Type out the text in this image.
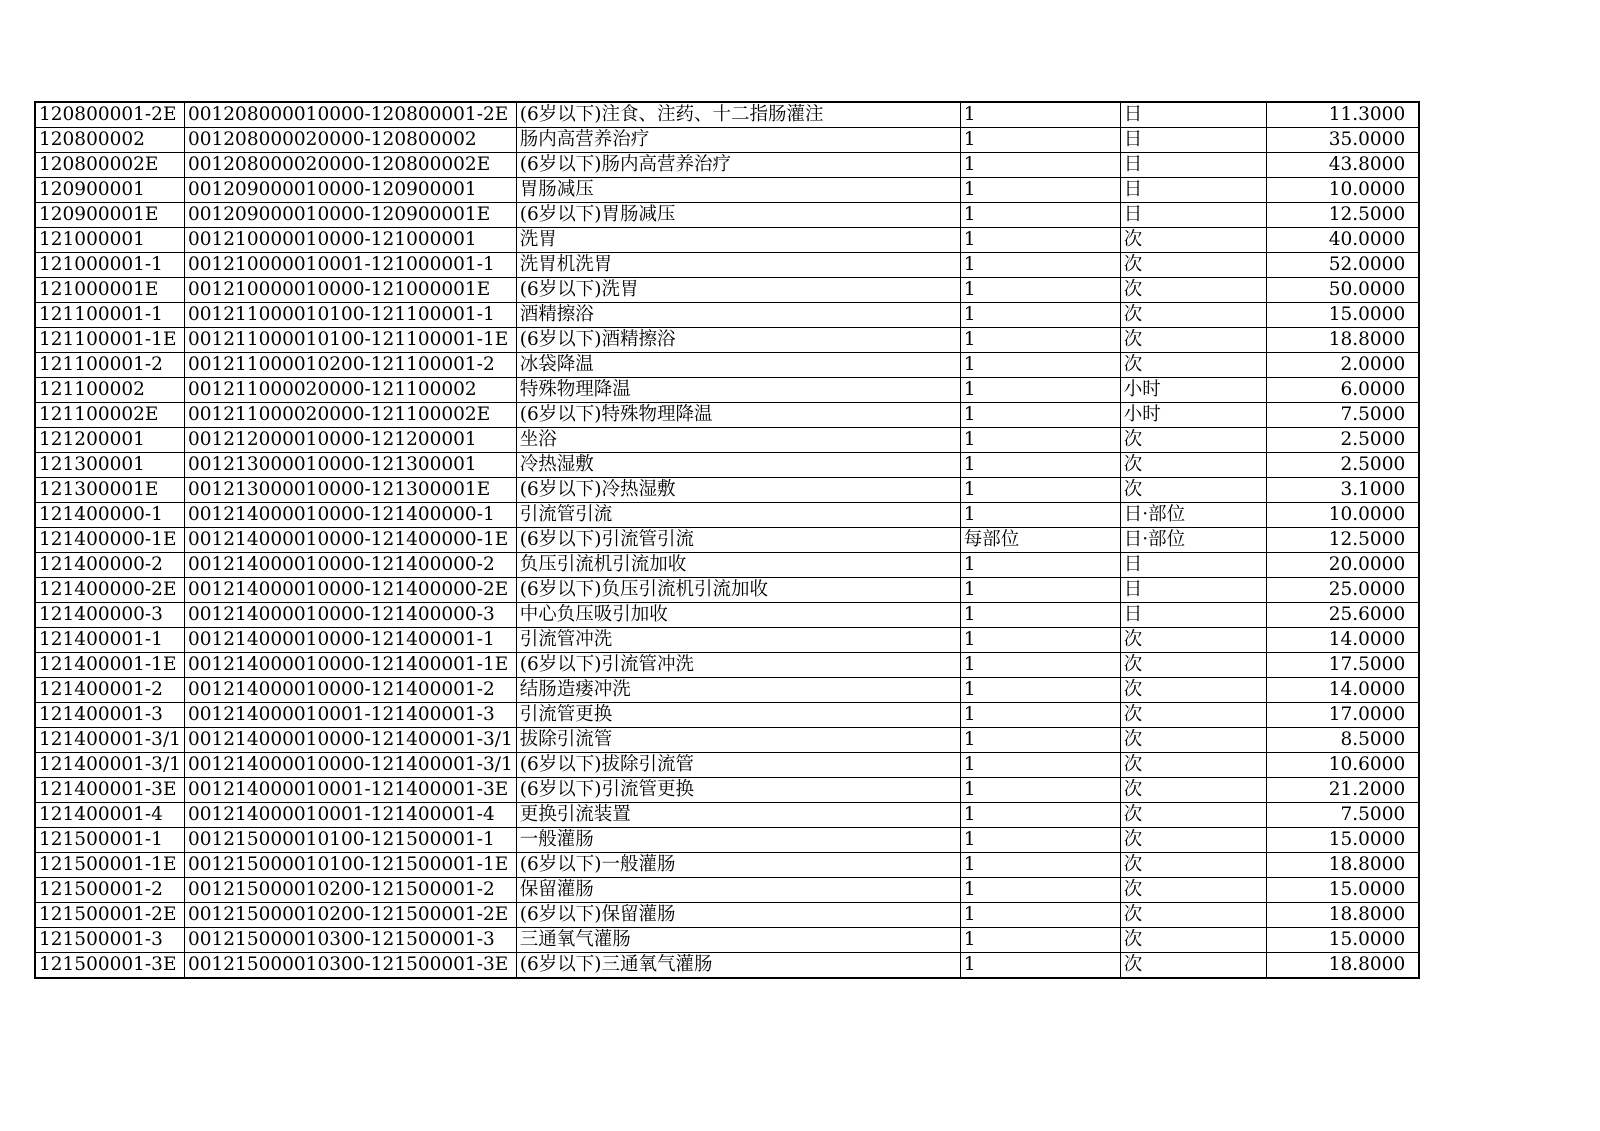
120800001-2E	001208000010000-120800001-2E	(6岁以下)注食、注药、十二指肠灌注	1	日	11.3000
120800002	001208000020000-120800002	肠内高营养治疗	1	日	35.0000
120800002E	001208000020000-120800002E	(6岁以下)肠内高营养治疗	1	日	43.8000
120900001	001209000010000-120900001	胃肠减压	1	日	10.0000
120900001E	001209000010000-120900001E	(6岁以下)胃肠减压	1	日	12.5000
121000001	001210000010000-121000001	洗胃	1	次	40.0000
121000001-1	001210000010001-121000001-1	洗胃机洗胃	1	次	52.0000
121000001E	001210000010000-121000001E	(6岁以下)洗胃	1	次	50.0000
121100001-1	001211000010100-121100001-1	酒精擦浴	1	次	15.0000
121100001-1E	001211000010100-121100001-1E	(6岁以下)酒精擦浴	1	次	18.8000
121100001-2	001211000010200-121100001-2	冰袋降温	1	次	2.0000
121100002	001211000020000-121100002	特殊物理降温	1	小时	6.0000
121100002E	001211000020000-121100002E	(6岁以下)特殊物理降温	1	小时	7.5000
121200001	001212000010000-121200001	坐浴	1	次	2.5000
121300001	001213000010000-121300001	冷热湿敷	1	次	2.5000
121300001E	001213000010000-121300001E	(6岁以下)冷热湿敷	1	次	3.1000
121400000-1	001214000010000-121400000-1	引流管引流	1	日·部位	10.0000
121400000-1E	001214000010000-121400000-1E	(6岁以下)引流管引流	每部位	日·部位	12.5000
121400000-2	001214000010000-121400000-2	负压引流机引流加收	1	日	20.0000
121400000-2E	001214000010000-121400000-2E	(6岁以下)负压引流机引流加收	1	日	25.0000
121400000-3	001214000010000-121400000-3	中心负压吸引加收	1	日	25.6000
121400001-1	001214000010000-121400001-1	引流管冲洗	1	次	14.0000
121400001-1E	001214000010000-121400001-1E	(6岁以下)引流管冲洗	1	次	17.5000
121400001-2	001214000010000-121400001-2	结肠造瘘冲洗	1	次	14.0000
121400001-3	001214000010001-121400001-3	引流管更换	1	次	17.0000
121400001-3/1	001214000010000-121400001-3/1	拔除引流管	1	次	8.5000
121400001-3/1	001214000010000-121400001-3/1	(6岁以下)拔除引流管	1	次	10.6000
121400001-3E	001214000010001-121400001-3E	(6岁以下)引流管更换	1	次	21.2000
121400001-4	001214000010001-121400001-4	更换引流装置	1	次	7.5000
121500001-1	001215000010100-121500001-1	一般灌肠	1	次	15.0000
121500001-1E	001215000010100-121500001-1E	(6岁以下)一般灌肠	1	次	18.8000
121500001-2	001215000010200-121500001-2	保留灌肠	1	次	15.0000
121500001-2E	001215000010200-121500001-2E	(6岁以下)保留灌肠	1	次	18.8000
121500001-3	001215000010300-121500001-3	三通氧气灌肠	1	次	15.0000
121500001-3E	001215000010300-121500001-3E	(6岁以下)三通氧气灌肠	1	次	18.8000
